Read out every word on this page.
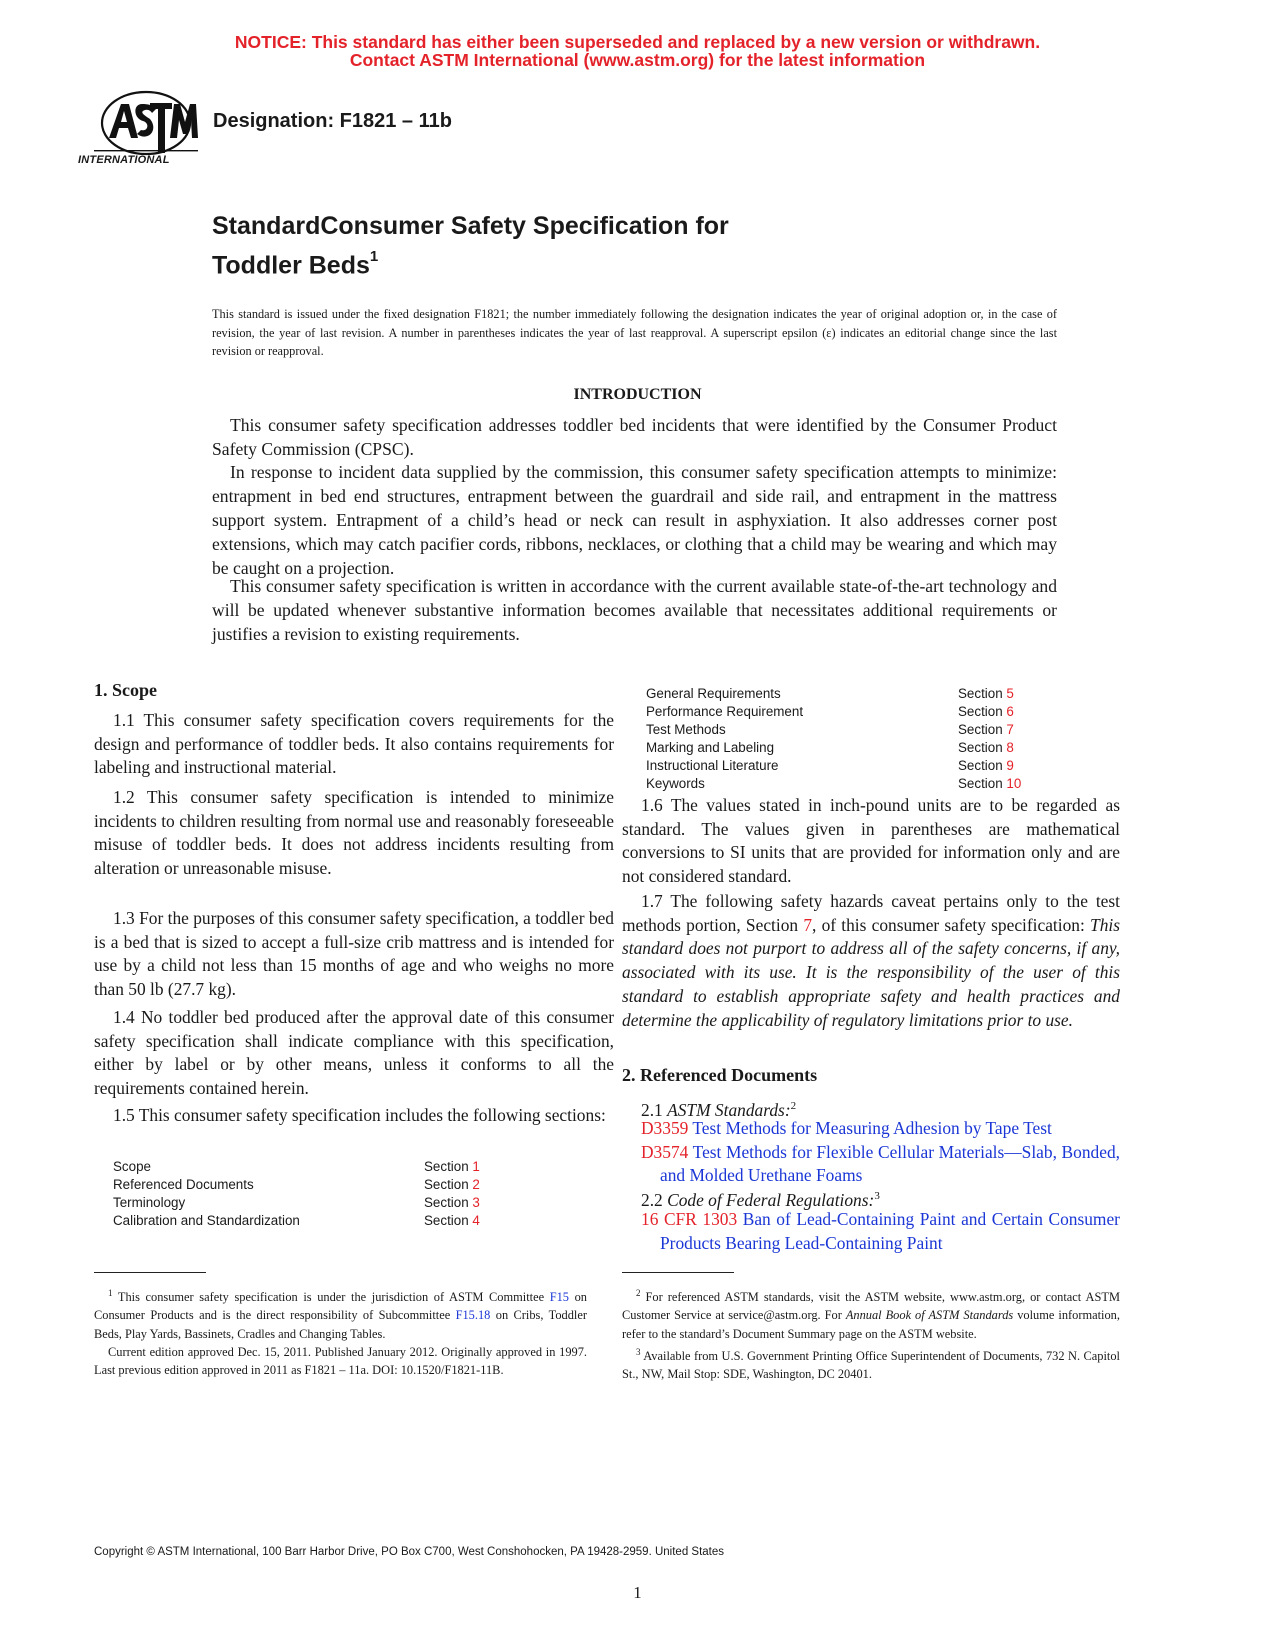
NOTICE: This standard has either been superseded and replaced by a new version or withdrawn.
Contact ASTM International (www.astm.org) for the latest information
INTERNATIONAL
Designation: F1821 – 11b
StandardConsumer Safety Specification for
Toddler Beds$^1$
This standard is issued under the fixed designation F1821; the number immediately following the designation indicates the year of original adoption or, in the case of revision, the year of last revision. A number in parentheses indicates the year of last reapproval. A superscript epsilon (ε) indicates an editorial change since the last revision or reapproval.
INTRODUCTION

This consumer safety specification addresses toddler bed incidents that were identified by the Consumer Product Safety Commission (CPSC).

In response to incident data supplied by the commission, this consumer safety specification attempts to minimize: entrapment in bed end structures, entrapment between the guardrail and side rail, and entrapment in the mattress support system. Entrapment of a child’s head or neck can result in asphyxiation. It also addresses corner post extensions, which may catch pacifier cords, ribbons, necklaces, or clothing that a child may be wearing and which may be caught on a projection.

This consumer safety specification is written in accordance with the current available state-of-the-art technology and will be updated whenever substantive information becomes available that necessitates additional requirements or justifies a revision to existing requirements.

1. Scope

1.1 This consumer safety specification covers requirements for the design and performance of toddler beds. It also contains requirements for labeling and instructional material.

1.2 This consumer safety specification is intended to minimize incidents to children resulting from normal use and reasonably foreseeable misuse of toddler beds. It does not address incidents resulting from alteration or unreasonable misuse.

1.3 For the purposes of this consumer safety specification, a toddler bed is a bed that is sized to accept a full-size crib mattress and is intended for use by a child not less than 15 months of age and who weighs no more than 50 lb (27.7 kg).

1.4 No toddler bed produced after the approval date of this consumer safety specification shall indicate compliance with this specification, either by label or by other means, unless it conforms to all the requirements contained herein.

1.5 This consumer safety specification includes the following sections:

Scope	Section 1
Referenced Documents	Section 2
Terminology	Section 3
Calibration and Standardization	Section 4

$^1$ This consumer safety specification is under the jurisdiction of ASTM Committee F15 on Consumer Products and is the direct responsibility of Subcommittee F15.18 on Cribs, Toddler Beds, Play Yards, Bassinets, Cradles and Changing Tables.

Current edition approved Dec. 15, 2011. Published January 2012. Originally approved in 1997. Last previous edition approved in 2011 as F1821 – 11a. DOI: 10.1520/F1821-11B.

General Requirements	Section 5
Performance Requirement	Section 6
Test Methods	Section 7
Marking and Labeling	Section 8
Instructional Literature	Section 9
Keywords	Section 10

1.6 The values stated in inch-pound units are to be regarded as standard. The values given in parentheses are mathematical conversions to SI units that are provided for information only and are not considered standard.

1.7 The following safety hazards caveat pertains only to the test methods portion, Section 7, of this consumer safety specification: This standard does not purport to address all of the safety concerns, if any, associated with its use. It is the responsibility of the user of this standard to establish appropriate safety and health practices and determine the applicability of regulatory limitations prior to use.

2. Referenced Documents
2.1 ASTM Standards:$^2$

D3359 Test Methods for Measuring Adhesion by Tape Test

D3574 Test Methods for Flexible Cellular Materials—Slab, Bonded, and Molded Urethane Foams

2.2 Code of Federal Regulations:$^3$

16 CFR 1303 Ban of Lead-Containing Paint and Certain Consumer Products Bearing Lead-Containing Paint

$^2$ For referenced ASTM standards, visit the ASTM website, www.astm.org, or contact ASTM Customer Service at service@astm.org. For Annual Book of ASTM Standards volume information, refer to the standard’s Document Summary page on the ASTM website.

$^3$ Available from U.S. Government Printing Office Superintendent of Documents, 732 N. Capitol St., NW, Mail Stop: SDE, Washington, DC 20401.

Copyright © ASTM International, 100 Barr Harbor Drive, PO Box C700, West Conshohocken, PA 19428-2959. United States
1
